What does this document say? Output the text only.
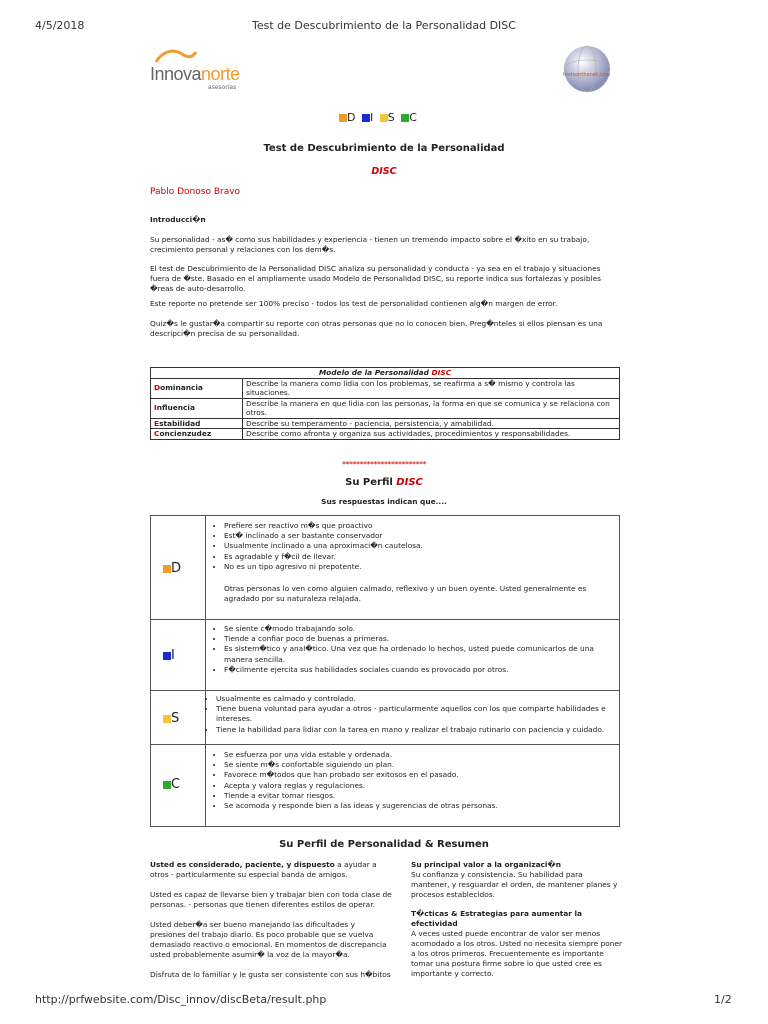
4/5/2018	Test de Descubrimiento de la Personalidad DISC
Innovanorte
asesorías
testsonthenet.com
D I S C
Test de Descubrimiento de la Personalidad
DISC
Pablo Donoso Bravo
Introducci�n
Su personalidad - as� como sus habilidades y experiencia - tienen un tremendo impacto sobre el �xito en su trabajo, crecimiento personal y relaciones con los dem�s.
El test de Descubrimiento de la Personalidad DISC analiza su personalidad y conducta - ya sea en el trabajo y situaciones fuera de �ste. Basado en el ampliamente usado Modelo de Personalidad DISC, su reporte indica sus fortalezas y posibles �reas de auto-desarrollo.
Este reporte no pretende ser 100% preciso - todos los test de personalidad contienen alg�n margen de error.
Quiz�s le gustar�a compartir su reporte con otras personas que no lo conocen bien. Preg�nteles si ellos piensan es una descripci�n precisa de su personalidad.
Modelo de la Personalidad DISC	
Dominancia	Describe la manera como lidia con los problemas, se reafirma a s� mismo y controla las situaciones.
Influencia	Describe la manera en que lidia con las personas, la forma en que se comunica y se relaciona con otros.
Estabilidad	Describe su temperamento - paciencia, persistencia, y amabilidad.
Concienzudez	Describe como afronta y organiza sus actividades, procedimientos y responsabilidades.
************************
Su Perfil DISC
Sus respuestas indican que....
D
• Prefiere ser reactivo m�s que proactivo
• Est� inclinado a ser bastante conservador
• Usualmente inclinado a una aproximaci�n cautelosa.
• Es agradable y f�cil de llevar.
• No es un tipo agresivo ni prepotente.
Otras personas lo ven como alguien calmado, reflexivo y un buen oyente. Usted generalmente es agradado por su naturaleza relajada.
I
• Se siente c�modo trabajando solo.
• Tiende a confiar poco de buenas a primeras.
• Es sistem�tico y anal�tico. Una vez que ha ordenado lo hechos, usted puede comunicarlos de una manera sencilla.
• F�cilmente ejercita sus habilidades sociales cuando es provocado por otros.
S
• Usualmente es calmado y controlado.
• Tiene buena voluntad para ayudar a otros - particularmente aquellos con los que comparte habilidades e intereses.
• Tiene la habilidad para lidiar con la tarea en mano y realizar el trabajo rutinario con paciencia y cuidado.
C
• Se esfuerza por una vida estable y ordenada.
• Se siente m�s confortable siguiendo un plan.
• Favorece m�todos que han probado ser exitosos en el pasado.
• Acepta y valora reglas y regulaciones.
• Tiende a evitar tomar riesgos.
• Se acomoda y responde bien a las ideas y sugerencias de otras personas.
Su Perfil de Personalidad & Resumen
Usted es considerado, paciente, y dispuesto a ayudar a otros - particularmente su especial banda de amigos.
Usted es capaz de llevarse bien y trabajar bien con toda clase de personas. - personas que tienen diferentes estilos de operar.
Usted deber�a ser bueno manejando las dificultades y presiones del trabajo diario. Es poco probable que se vuelva demasiado reactivo o emocional. En momentos de discrepancia usted probablemente asumir� la voz de la mayor�a.
Disfruta de lo familiar y le gusta ser consistente con sus h�bitos
Su principal valor a la organizaci�n
Su confianza y consistencia. Su habilidad para mantener, y resguardar el orden, de mantener planes y procesos establecidos.
T�cticas & Estrategias para aumentar la efectividad
A veces usted puede encontrar de valor ser menos acomodado a los otros. Usted no necesita siempre poner a los otros primeros. Frecuentemente es importante tomar una postura firme sobre lo que usted cree es importante y correcto.
http://prfwebsite.com/Disc_innov/discBeta/result.php	1/2
